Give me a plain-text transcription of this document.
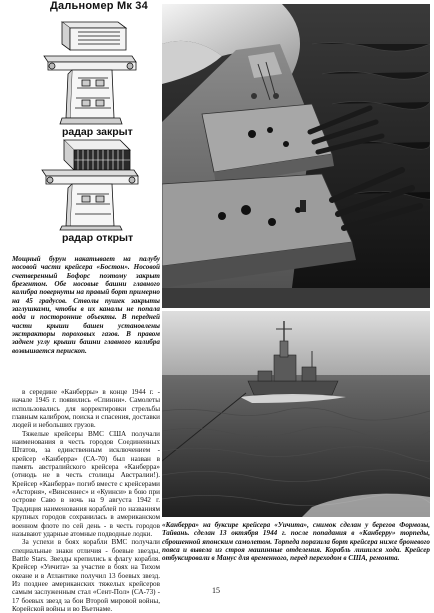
Дальномер Мк 34
радар закрыт
радар открыт

Мощный бурун накатывает на палубу носовой части крейсера «Бостон». Носовой счетверенный Бофорс поэтому закрыт брезентом. Обе носовые башни главного калибра повернуты на правый борт примерно на 45 градусов. Стволы пушек закрыты заглушками, чтобы в их каналы не попала вода и посторонние объекты. В передней части крыши башен установлены экстракторы пороховых газов. В правом заднем углу крыши башни главного калибра возвышается перископ.

в середине «Канберры» в конце 1944 г. - начале 1945 г. появились «Спинни». Самолеты использовались для корректировки стрельбы главным калибром, поиска и спасения, доставки людей и небольших грузов.

Тяжелые крейсеры ВМС США получали наименования в честь городов Соединенных Штатов, за единственным исключением - крейсер «Канберра» (СА-70) был назван в память австралийского крейсера «Канберра» (отнюдь не в честь столицы Австралии!). Крейсер «Канберра» погиб вместе с крейсерами «Асторня», «Винсеннес» и «Куинси» в бою при острове Саво в ночь на 9 августа 1942 г. Традиция наименования кораблей по названиям крупных городов сохранилась в американском военном флоте по сей день - в честь городов называют ударные атомные подводные лодки.

За успехи в боях корабли ВМС получали специальные знаки отличия - боевые звезды, Battle Stars. Звезды крепились к флагу корабля. Крейсер «Уичита» за участие в боях на Тихом океане и в Атлантике получил 13 боевых звезд. Из позднее американских тяжелых крейсеров самым заслуженным стал «Сент-Пол» (СА-73) - 17 боевых звезд за бои Второй мировой войны, Корейской войны и во Вьетнаме.

«Канберра» на буксире крейсера «Уичита», снимок сделан у берегов Формозы, Тайвань. сделан 13 октября 1944 г. после попадания в «Канберру» торпеды, сброшенной японским самолетом. Торпеда поразила борт крейсера ниже броневого пояса и вывела из строя машинные отделения. Корабль лишился хода. Крейсер отбуксировали в Мануc для временного, перед переходом в США, ремонта.

15
